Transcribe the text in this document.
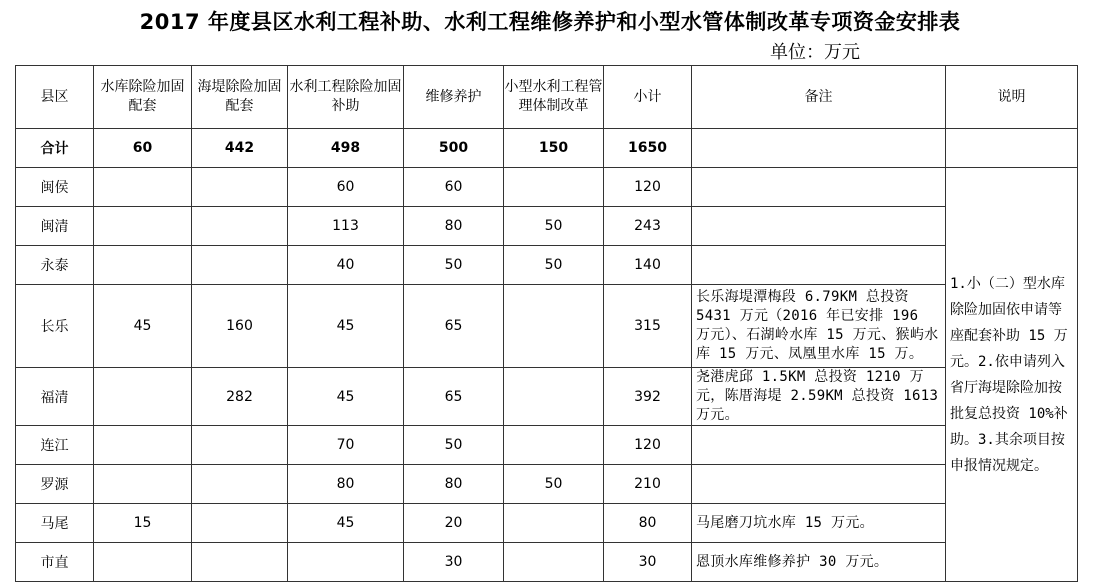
2017 年度县区水利工程补助、水利工程维修养护和小型水管体制改革专项资金安排表
单位：万元
县区	水库除险加固配套	海堤除险加固配套	水利工程除险加固补助	维修养护	小型水利工程管理体制改革	小计	备注	说明
合计	60	442	498	500	150	1650		
闽侯			60	60		120		1.小（二）型水库除险加固依申请等座配套补助 15 万元。2.依申请列入省厅海堤除险加按批复总投资 10%补助。3.其余项目按申报情况规定。
闽清			113	80	50	243		
永泰			40	50	50	140		
长乐	45	160	45	65		315	长乐海堤潭梅段 6.79KM 总投资 5431 万元（2016 年已安排 196 万元）、石湖岭水库 15 万元、猴屿水库 15 万元、凤凰里水库 15 万。	
福清		282	45	65		392	尧港虎邱 1.5KM 总投资 1210 万元，陈厝海堤 2.59KM 总投资 1613 万元。	
连江			70	50		120		
罗源			80	80	50	210		
马尾	15		45	20		80	马尾磨刀坑水库 15 万元。	
市直				30		30	恩顶水库维修养护 30 万元。	
